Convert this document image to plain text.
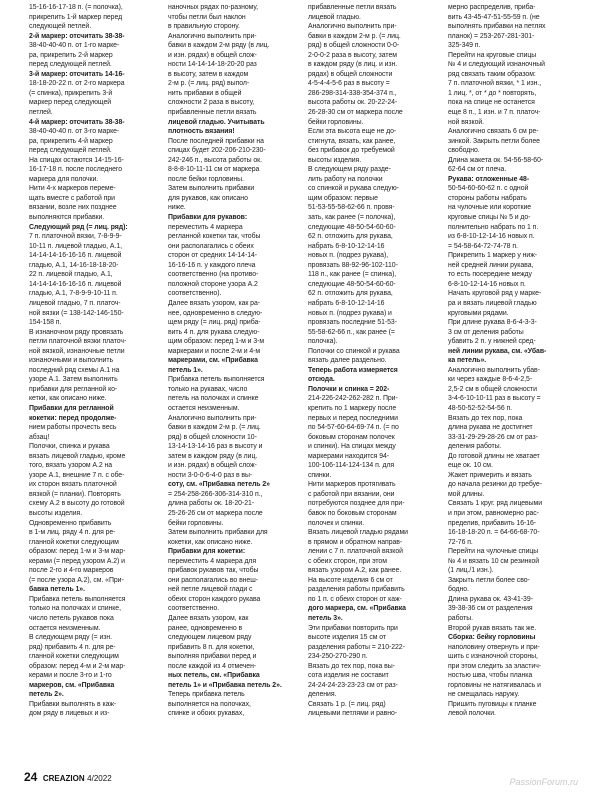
15-16-16-17-18 п. (= полочка),

прикрепить 1-й маркер перед

следующей петлей.

2-й маркер: отсчитать 38-38-

38-40-40-40 п. от 1-го марке-

ра, прикрепить 2-й маркер

перед следующей петлей.

3-й маркер: отсчитать 14-16-

18-18-20-22 п. от 2-го маркера

(= спинка), прикрепить 3-й

маркер перед следующей

петлей.

4-й маркер: отсчитать 38-38-

38-40-40-40 п. от 3-го марке-

ра, прикрепить 4-й маркер

перед следующей петлей.

На спицах остаются 14-15-16-

16-17-18 п. после последнего

маркера для полочки.

Нити 4-х маркеров переме-

щать вместе с работой при

вязании, возле них позднее

выполняются прибавки.

Следующий ряд (= лиц. ряд):

7 п. платочной вязки, 7-8-9-9-

10-11 п. лицевой гладью, А.1,

14-14-14-16-16-16 п. лицевой

гладью, А.1, 14-16-18-18-20-

22 п. лицевой гладью, А.1,

14-14-14-16-16-16 п. лицевой

гладью, А.1, 7-8-9-9-10-11 п.

лицевой гладью, 7 п. платоч-

ной вязки (= 138-142-146-150-

154-158 п.

В изнаночном ряду провязать

петли платочной вязки платоч-

ной вязкой, изнаночные петли

изнаночными и выполнить

последний ряд схемы А.1 на

узоре А.1. Затем выполнить

прибавки для регланной ко-

кетки, как описано ниже.

Прибавки для регланной

кокетки: перед продолже-

нием работы прочесть весь

абзац!

Полочки, спинка и рукава

вязать лицевой гладью, кроме

того, вязать узором А.2 на

узоре А.1, внешние 7 п. с обе-

их сторон вязать платочной

вязкой (= планки). Повторять

схему А.2 в высоту до готовой

высоты изделия.

Одновременно прибавить

в 1-м лиц. ряду 4 п. для ре-

гланной кокетки следующим

образом: перед 1-м и 3-м мар-

керами (= перед узором А.2) и

после 2-го и 4-го маркеров

(= после узора А.2), см. «При-

бавка петель 1».

Прибавка петель выполняется

только на полочках и спинке,

число петель рукавов пока

остается неизменным.

В следующем ряду (= изн.

ряд) прибавить 4 п. для ре-

гланной кокетки следующим

образом: перед 4-м и 2-м мар-

керами и после 3-го и 1-го

маркеров, см. «Прибавка

петель 2».

Прибавки выполнять в каж-

дом ряду в лицевых и из-

наночных рядах по-разному,

чтобы петли был наклон

в правильную сторону.

Аналогично выполнить при-

бавки в каждом 2-м ряду (в лиц.

и изн. рядах) в общей слож-

ности 14-14-14-18-20-20 раз

в высоту, затем в каждом

2-м р. (= лиц. ряд) выпол-

нить прибавки в общей

сложности 2 раза в высоту,

прибавленные петли вязать

лицевой гладью. Учитывать

плотность вязания!

После последней прибавки на

спицах будет 202-206-210-230-

242-246 п., высота работы ок.

8-8-8-10-11-11 см от маркера

после бейки горловины.

Затем выполнить прибавки

для рукавов, как описано

ниже.

Прибавки для рукавов:

переместить 4 маркера

регланной кокетки так, чтобы

они располагались с обеих

сторон от средних 14-14-14-

16-16-16 п. у каждого плеча

соответственно (на противо-

положной стороне узора А.2

соответственно).

Далее вязать узором, как ра-

нее, одновременно в следую-

щем ряду (= лиц. ряд) приба-

вить 4 п. для рукава следую-

щим образом: перед 1-м и 3-м

маркерами и после 2-м и 4-м

маркерами, см. «Прибавка

петель 1».

Прибавка петель выполняется

только на рукавах, число

петель на полочках и спинке

остается неизменным.

Аналогично выполнить при-

бавки в каждом 2-м р. (= лиц.

ряд) в общей сложности 10-

13-14-13-14-16 раз в высоту и

затем в каждом ряду (в лиц.

и изн. рядах) в общей слож-

ности 3-0-0-6-4-0 раз в вы-

соту, см. «Прибавка петель 2»

= 254-258-266-306-314-310 п.,

длина работы ок. 18-20-21-

25-26-26 см от маркера после

бейки горловины.

Затем выполнить прибавки для

кокетки, как описано ниже.

Прибавки для кокетки:

переместить 4 маркера для

прибавок рукавов так, чтобы

они располагались во внеш-

ней петле лицевой глади с

обеих сторон каждого рукава

соответственно.

Далее вязать узором, как

ранее, одновременно в

следующем лицевом ряду

прибавить 8 п. для кокетки,

выполняя прибавки перед и

после каждой из 4 отмечен-

ных петель, см. «Прибавка

петель 1» и «Прибавка петель 2».

Теперь прибавка петель

выполняется на полочках,

спинке и обоих рукавах,

прибавленные петли вязать

лицевой гладью.

Аналогично выполнить при-

бавки в каждом 2-м р. (= лиц.

ряд) в общей сложности 0-0-

2-0-0-2 раза в высоту, затем

в каждом ряду (в лиц. и изн.

рядах) в общей сложности

4-5-4-4-5-6 раз в высоту =

286-298-314-338-354-374 п.,

высота работы ок. 20-22-24-

26-28-30 см от маркера после

бейки горловины.

Если эта высота еще не до-

стигнута, вязать, как ранее,

без прибавок до требуемой

высоты изделия.

В следующем ряду разде-

лить работу на полочки

со спинкой и рукава следую-

щим образом: первые

51-53-55-58-62-66 п. провя-

зать, как ранее (= полочка),

следующие 48-50-54-60-60-

62 п. отложить для рукава,

набрать 6-8-10-12-14-16

новых п. (подрез рукава),

провязать 88-92-96-102-110-

118 п., как ранее (= спинка),

следующие 48-50-54-60-60-

62 п. отложить для рукава,

набрать 6-8-10-12-14-16

новых п. (подрез рукава) и

провязать последние 51-53-

55-58-62-66 п., как ранее (=

полочка).

Полочки со спинкой и рукава

вязать далее раздельно.

Теперь работа измеряется

отсюда.

Полочки и спинка = 202-

214-226-242-262-282 п. При-

крепить по 1 маркеру после

первых и перед последними

по 54-57-60-64-69-74 п. (= по

боковым сторонам полочек

и спинки). На спицах между

маркерами находится 94-

100-106-114-124-134 п. для

спинки.

Нити маркеров протягивать

с работой при вязании, они

потребуются позднее для при-

бавок по боковым сторонам

полочек и спинки.

Вязать лицевой гладью рядами

в прямом и обратном направ-

лении с 7 п. платочной вязкой

с обеих сторон, при этом

вязать узором А.2, как ранее.

На высоте изделия 6 см от

разделения работы прибавить

по 1 п. с обеих сторон от каж-

дого маркера, см. «Прибавка

петель 3».

Эти прибавки повторить при

высоте изделия 15 см от

разделения работы = 210-222-

234-250-270-290 п.

Вязать до тех пор, пока вы-

сота изделия не составит

24-24-24-23-23-23 см от раз-

деления.

Связать 1 р. (= лиц. ряд)

лицевыми петлями и равно-

мерно распределив, приба-

вить 43-45-47-51-55-59 п. (не

выполнять прибавки на петлях

планок) = 253-267-281-301-

325-349 п.

Перейти на круговые спицы

№ 4 и следующий изнаночный

ряд связать таким образом:

7 п. платочной вязки, * 1 изн.,

1 лиц. *, от * до * повторять,

пока на спице не останется

еще 8 п., 1 изн. и 7 п. платоч-

ной вязкой.

Аналогично связать 6 см ре-

зинкой. Закрыть петли более

свободно.

Длина жакета ок. 54-56-58-60-

62-64 см от плеча.

Рукава: отложенные 48-

50-54-60-60-62 п. с одной

стороны работы набрать

на чулочные или короткие

круговые спицы № 5 и до-

полнительно набрать по 1 п.

из 6-8-10-12-14-16 новых п.

= 54-58-64-72-74-78 п.

Прикрепить 1 маркер у ниж-

ней средней линии рукава,

то есть посередине между

6-8-10-12-14-16 новых п.

Начать круговой ряд у марке-

ра и вязать лицевой гладью

круговыми рядами.

При длине рукава 8-6-4-3-3-

3 см от деления работы

убавить 2 п. у нижней сред-

ней линии рукава, см. «Убав-

ка петель».

Аналогично выполнить убав-

ки через каждые 8-6-4-2,5-

2,5-2 см в общей сложности

3-4-6-10-10-11 раз в высоту =

48-50-52-52-54-56 п.

Вязать до тех пор, пока

длина рукава не достигнет

33-31-29-29-28-26 см от раз-

деления работы.

До готовой длины не хватает

еще ок. 10 см.

Жакет примерить и вязать

до начала резинки до требуе-

мой длины.

Связать 1 круг. ряд лицевыми

и при этом, равномерно рас-

пределив, прибавить 16-16-

16-18-18-20 п. = 64-66-68-70-

72-76 п.

Перейти на чулочные спицы

№ 4 и вязать 10 см резинкой

(1 лиц./1 изн.).

Закрыть петли более сво-

бодно.

Длина рукава ок. 43-41-39-

39-38-36 см от разделения

работы.

Второй рукав вязать так же.

Сборка: бейку горловины

наполовину отвернуть и при-

шить с изнаночной стороны,

при этом следить за эластич-

ностью шва, чтобы планка

горловины не натягивалась и

не смещалась наружу.

Пришить пуговицы к планке

левой полочки.

24 CREAZION 4/2022	PassionForum.ru
